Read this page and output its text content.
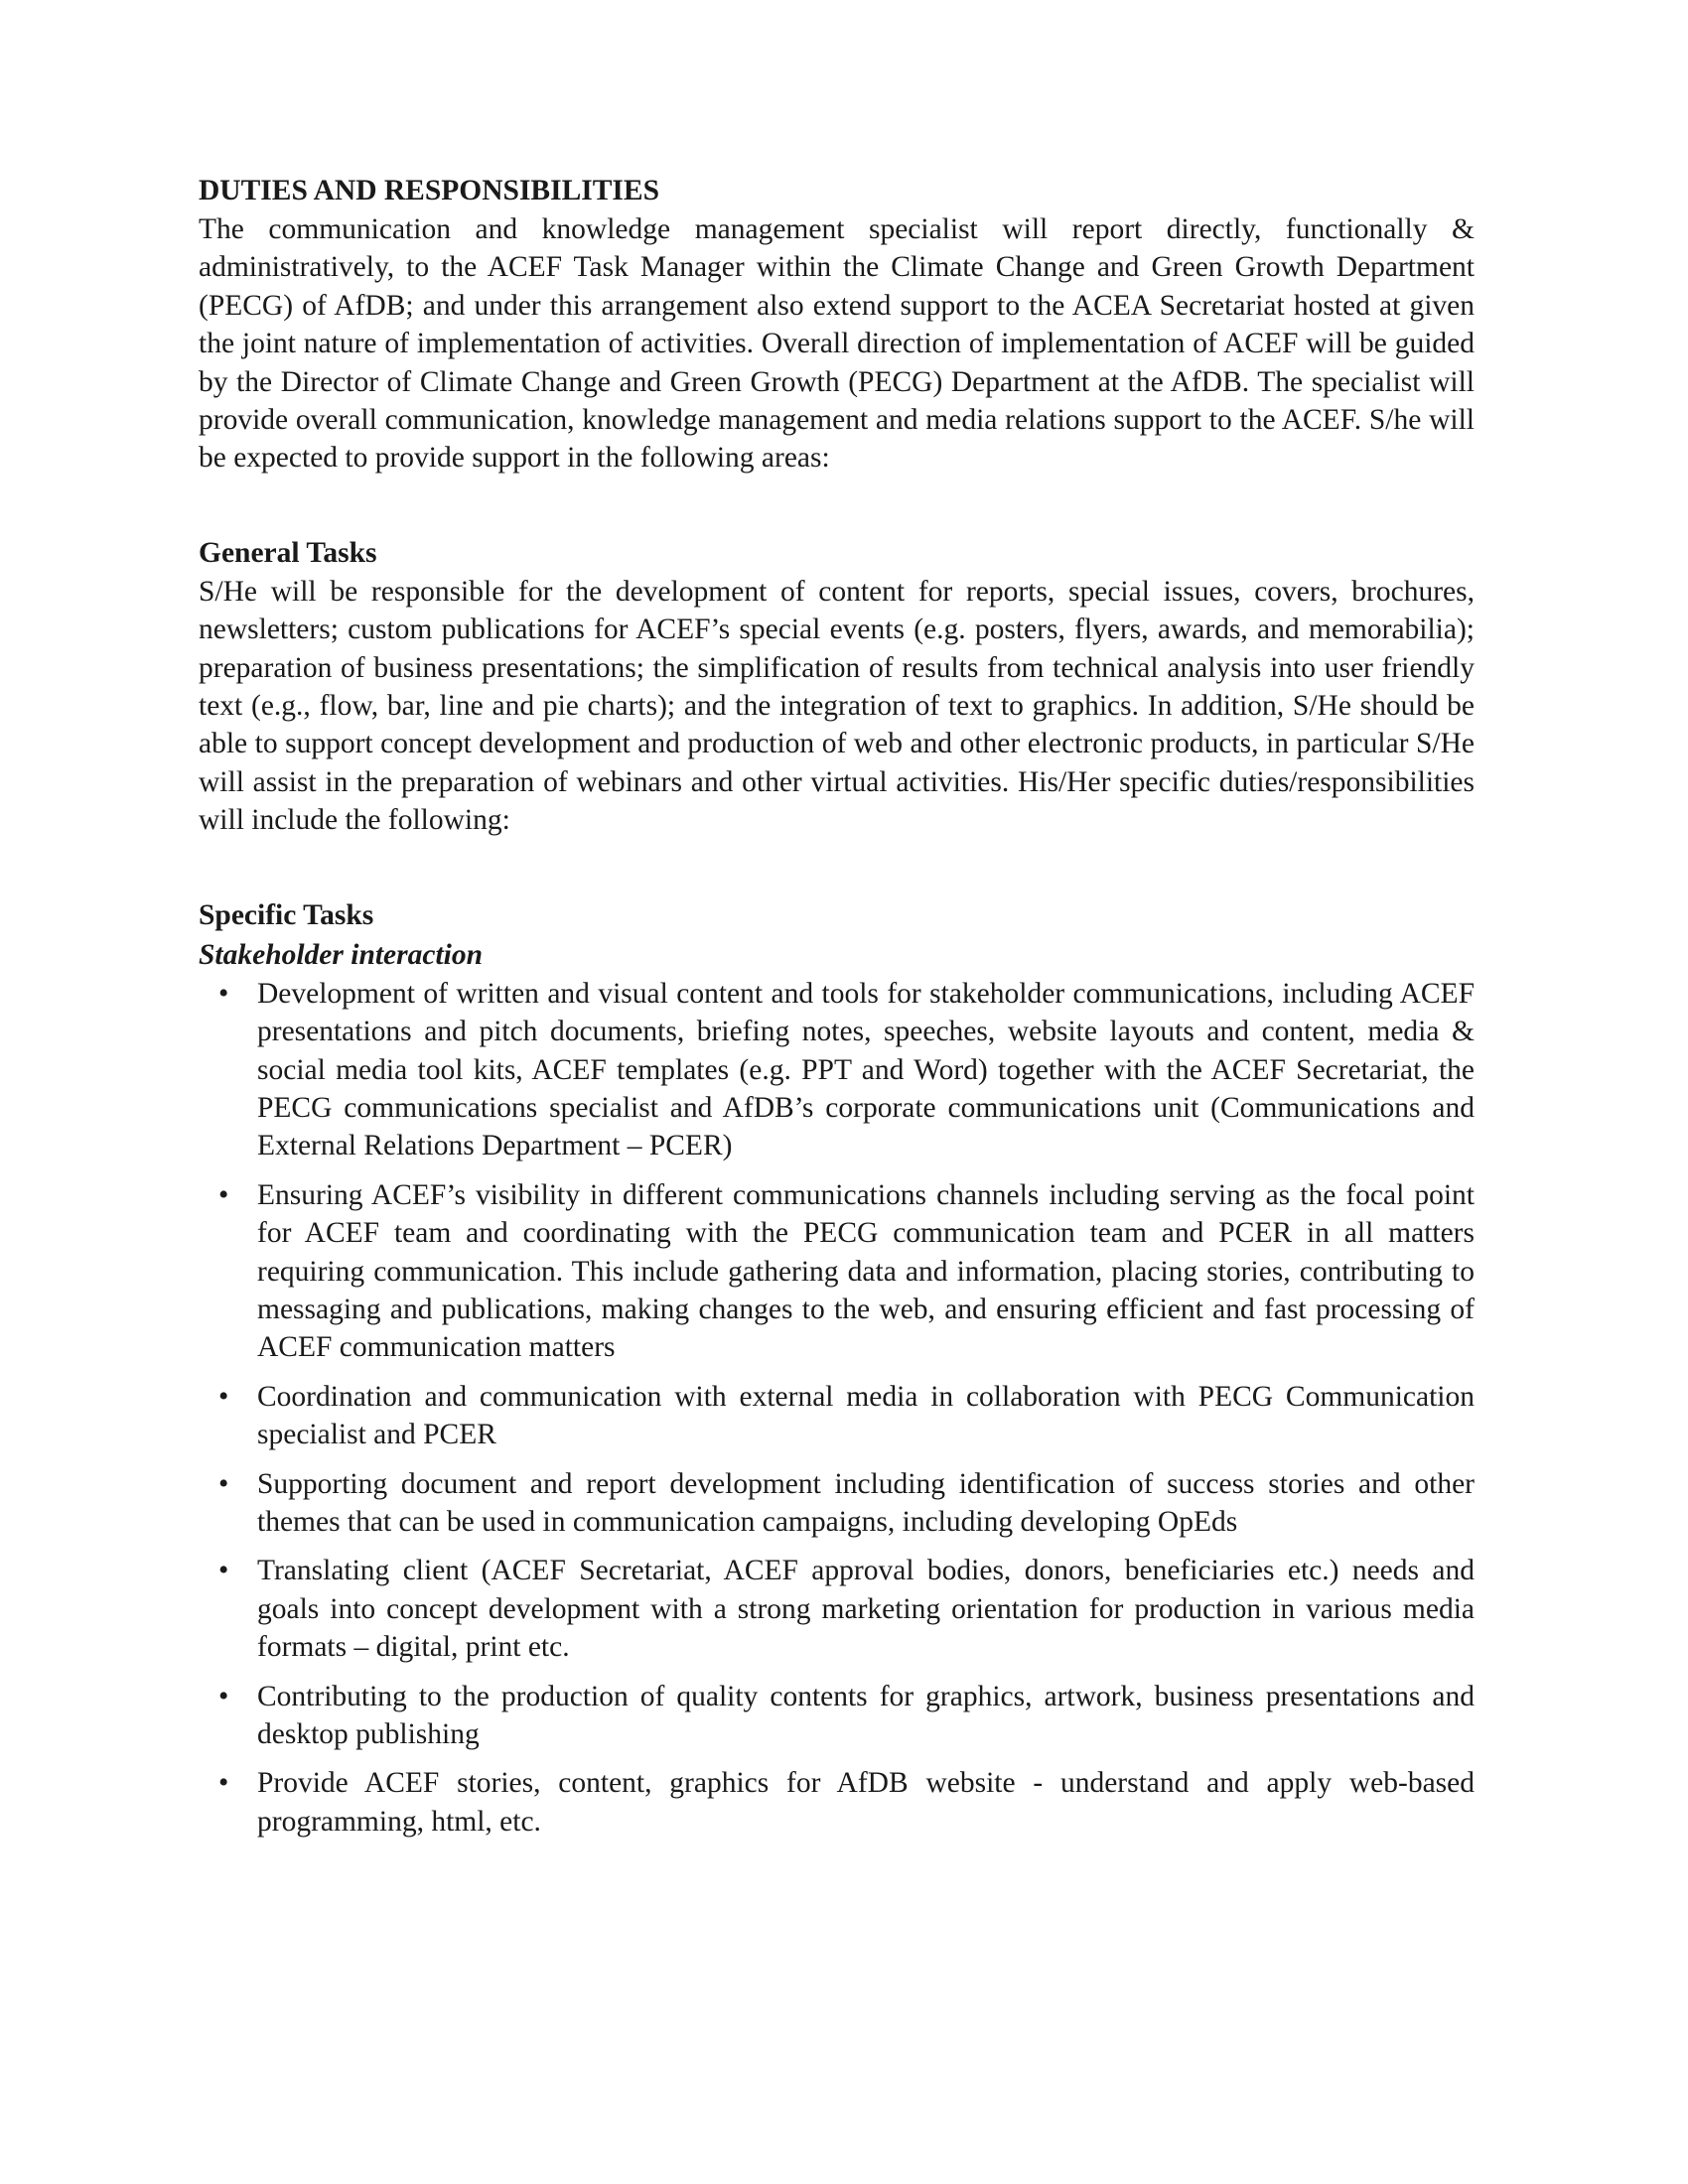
DUTIES AND RESPONSIBILITIES

The communication and knowledge management specialist will report directly, functionally & administratively, to the ACEF Task Manager within the Climate Change and Green Growth Department (PECG) of AfDB; and under this arrangement also extend support to the ACEA Secretariat hosted at given the joint nature of implementation of activities. Overall direction of implementation of ACEF will be guided by the Director of Climate Change and Green Growth (PECG) Department at the AfDB. The specialist will provide overall communication, knowledge management and media relations support to the ACEF. S/he will be expected to provide support in the following areas:

General Tasks

S/He will be responsible for the development of content for reports, special issues, covers, brochures, newsletters; custom publications for ACEF’s special events (e.g. posters, flyers, awards, and memorabilia); preparation of business presentations; the simplification of results from technical analysis into user friendly text (e.g., flow, bar, line and pie charts); and the integration of text to graphics. In addition, S/He should be able to support concept development and production of web and other electronic products, in particular S/He will assist in the preparation of webinars and other virtual activities. His/Her specific duties/responsibilities will include the following:

Specific Tasks
Stakeholder interaction
• Development of written and visual content and tools for stakeholder communications, including ACEF presentations and pitch documents, briefing notes, speeches, website layouts and content, media & social media tool kits, ACEF templates (e.g. PPT and Word) together with the ACEF Secretariat, the PECG communications specialist and AfDB’s corporate communications unit (Communications and External Relations Department – PCER)
• Ensuring ACEF’s visibility in different communications channels including serving as the focal point for ACEF team and coordinating with the PECG communication team and PCER in all matters requiring communication. This include gathering data and information, placing stories, contributing to messaging and publications, making changes to the web, and ensuring efficient and fast processing of ACEF communication matters
• Coordination and communication with external media in collaboration with PECG Communication specialist and PCER
• Supporting document and report development including identification of success stories and other themes that can be used in communication campaigns, including developing OpEds
• Translating client (ACEF Secretariat, ACEF approval bodies, donors, beneficiaries etc.) needs and goals into concept development with a strong marketing orientation for production in various media formats – digital, print etc.
• Contributing to the production of quality contents for graphics, artwork, business presentations and desktop publishing
• Provide ACEF stories, content, graphics for AfDB website - understand and apply web-based programming, html, etc.
